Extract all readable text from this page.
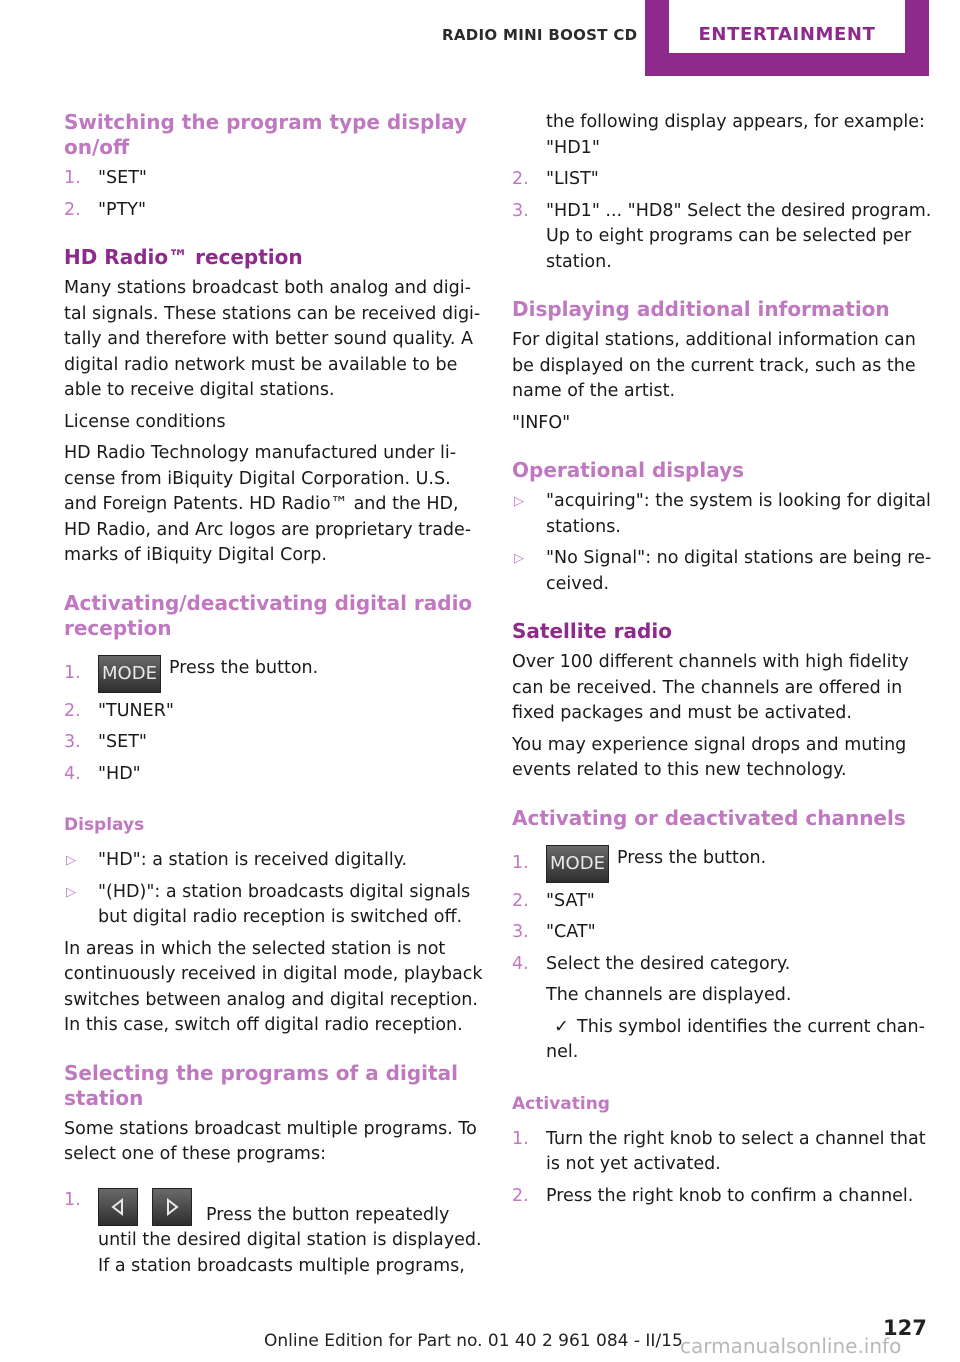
RADIO MINI BOOST CD	ENTERTAINMENT
Switching the program type display on/off
1. "SET"
2. "PTY"
HD Radio™ reception
Many stations broadcast both analog and digital signals. These stations can be received digitally and therefore with better sound quality. A digital radio network must be available to be able to receive digital stations.
License conditions
HD Radio Technology manufactured under license from iBiquity Digital Corporation. U.S. and Foreign Patents. HD Radio™ and the HD, HD Radio, and Arc logos are proprietary trademarks of iBiquity Digital Corp.
Activating/deactivating digital radio reception
1. MODE Press the button.
2. "TUNER"
3. "SET"
4. "HD"
Displays
▷ "HD": a station is received digitally.
▷ "(HD)": a station broadcasts digital signals but digital radio reception is switched off.
In areas in which the selected station is not continuously received in digital mode, playback switches between analog and digital reception. In this case, switch off digital radio reception.
Selecting the programs of a digital station
Some stations broadcast multiple programs. To select one of these programs:
1.
Press the button repeatedly until the desired digital station is displayed. If a station broadcasts multiple programs,
the following display appears, for example: "HD1"
2. "LIST"
3. "HD1" ... "HD8" Select the desired program. Up to eight programs can be selected per station.
Displaying additional information
For digital stations, additional information can be displayed on the current track, such as the name of the artist.
"INFO"
Operational displays
▷ "acquiring": the system is looking for digital stations.
▷ "No Signal": no digital stations are being received.
Satellite radio
Over 100 different channels with high fidelity can be received. The channels are offered in fixed packages and must be activated.
You may experience signal drops and muting events related to this new technology.
Activating or deactivated channels
1. MODE Press the button.
2. "SAT"
3. "CAT"
4. Select the desired category.
The channels are displayed.
✓ This symbol identifies the current channel.
Activating
1. Turn the right knob to select a channel that is not yet activated.
2. Press the right knob to confirm a channel.
Online Edition for Part no. 01 40 2 961 084 - II/15
127
carmanualsonline.info
